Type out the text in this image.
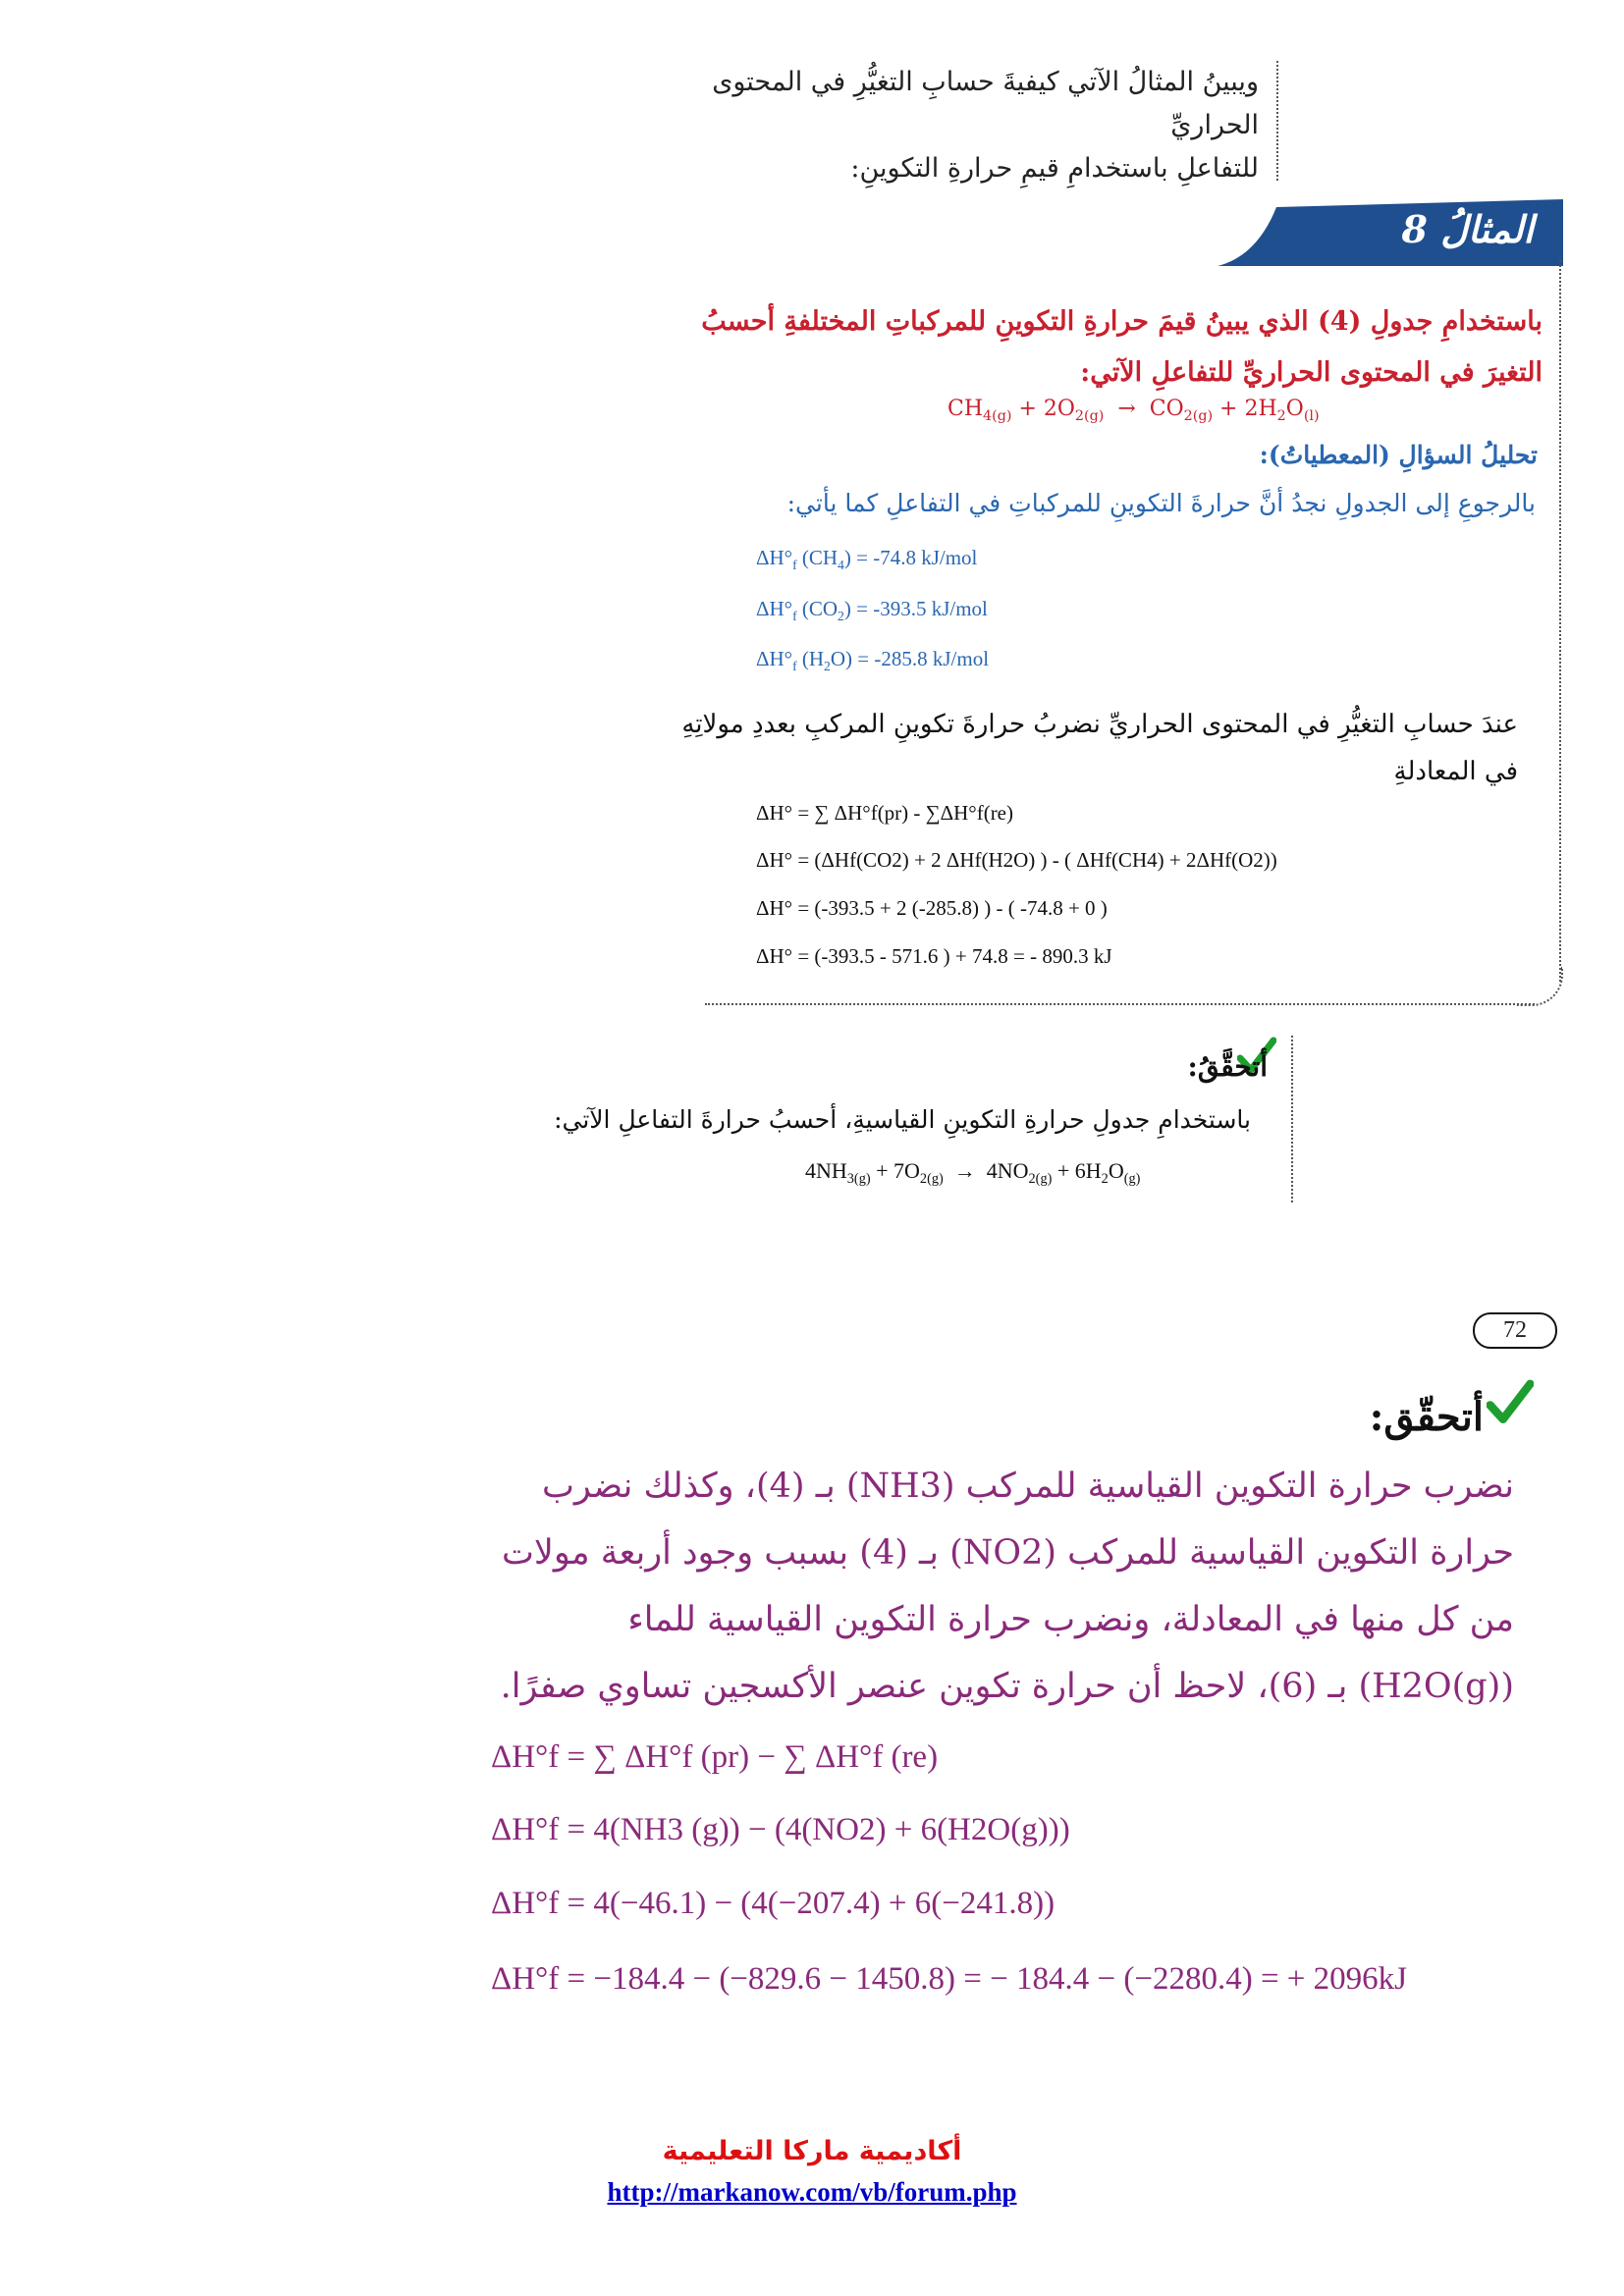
ويبينُ المثالُ الآتي كيفيةَ حسابِ التغيُّرِ في المحتوى الحراريِّ

للتفاعلِ باستخدامِ قيمِ حرارةِ التكوينِ:

المثالُ 8
باستخدامِ جدولِ (4) الذي يبينُ قيمَ حرارةِ التكوينِ للمركباتِ المختلفةِ أحسبُ التغيرَ في المحتوى الحراريِّ للتفاعلِ الآتي:
$CH_{4(g)} + 2O_{2(g)} \to CO_{2(g)} + 2H_2O_{(l)}$
تحليلُ السؤالِ (المعطياتُ):
بالرجوعِ إلى الجدولِ نجدُ أنَّ حرارةَ التكوينِ للمركباتِ في التفاعلِ كما يأتي:
$\Delta H^\circ_f$ $(CH_4) = -74.8$ kJ/mol
$\Delta H^\circ_f$ $(CO_2) = -393.5$ kJ/mol
$\Delta H^\circ_f$ $(H_2O) = -285.8$ kJ/mol
عندَ حسابِ التغيُّرِ في المحتوى الحراريِّ نضربُ حرارةَ تكوينِ المركبِ بعددِ مولاتِهِ في المعادلةِ
ΔH° = ∑ ΔH°f(pr) - ∑ΔH°f(re)
ΔH° = (ΔHf(CO2) + 2 ΔHf(H2O) ) - ( ΔHf(CH4) + 2ΔHf(O2))
ΔH° = (-393.5 + 2 (-285.8) ) - ( -74.8 + 0 )
ΔH° = (-393.5 - 571.6 ) + 74.8 = - 890.3 kJ
أتحقَّقُ:
باستخدامِ جدولِ حرارةِ التكوينِ القياسيةِ، أحسبُ حرارةَ التفاعلِ الآتي:
$4NH_{3(g)} + 7O_{2(g)} \to 4NO_{2(g)} + 6H_2O_{(g)}$
72
أتحقّق:
نضرب حرارة التكوين القياسية للمركب (NH3) بـ (4)، وكذلك نضرب حرارة التكوين القياسية للمركب (NO2) بـ (4) بسبب وجود أربعة مولات من كل منها في المعادلة، ونضرب حرارة التكوين القياسية للماء (H2O(g)) بـ (6)، لاحظ أن حرارة تكوين عنصر الأكسجين تساوي صفرًا.
ΔH°f = ∑ ΔH°f (pr) − ∑ ΔH°f (re)
ΔH°f = 4(NH3 (g)) − (4(NO2) + 6(H2O(g)))
ΔH°f = 4(−46.1) − (4(−207.4) + 6(−241.8))
ΔH°f = −184.4 − (−829.6 − 1450.8) = − 184.4 − (−2280.4) = + 2096kJ
أكاديمية ماركا التعليمية
http://markanow.com/vb/forum.php
